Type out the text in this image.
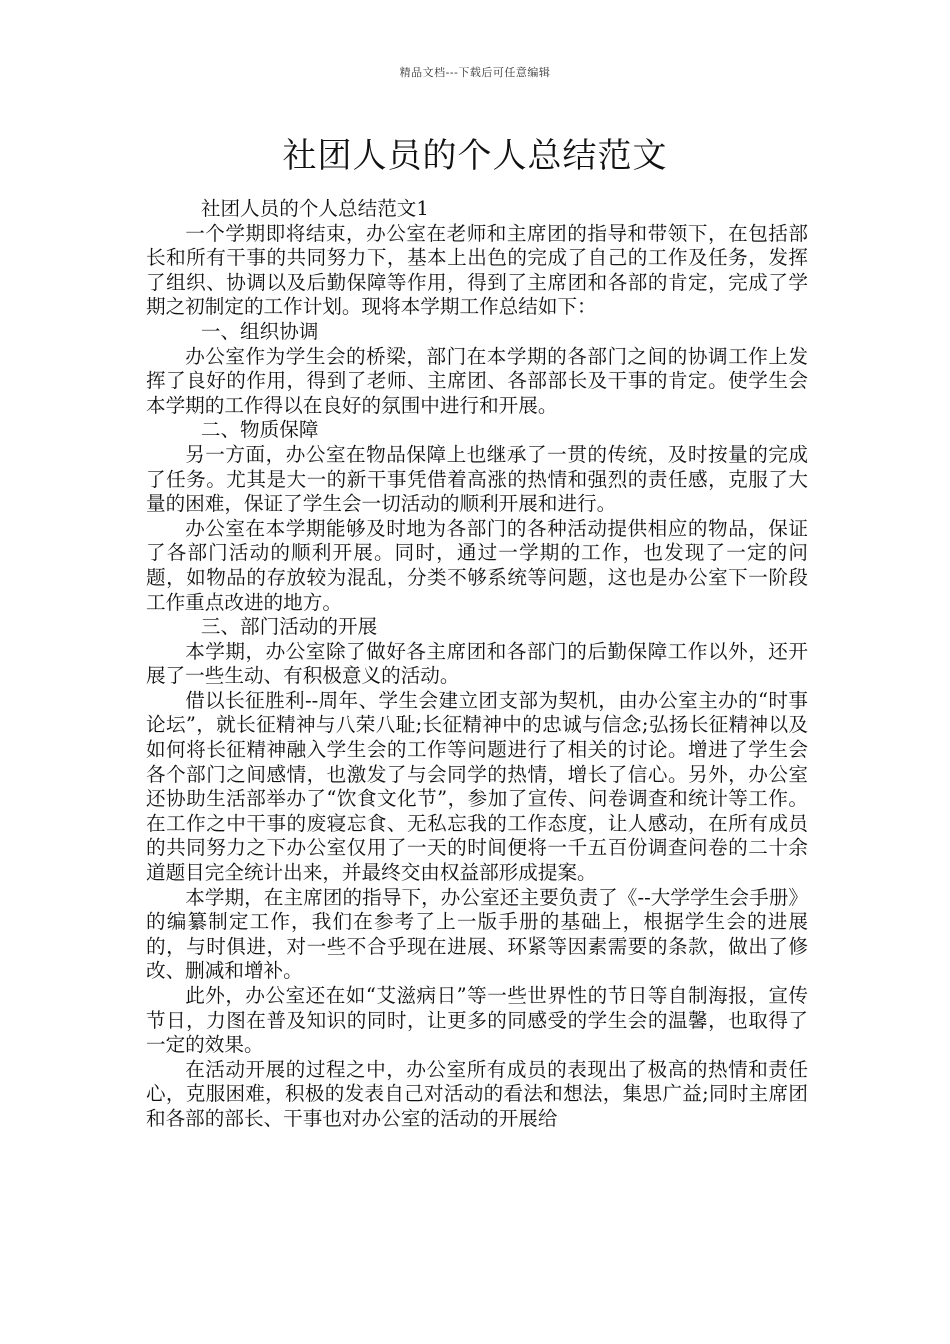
精品文档---下载后可任意编辑
社团人员的个人总结范文

社团人员的个人总结范文1

一个学期即将结束，办公室在老师和主席团的指导和带领下，在包括部长和所有干事的共同努力下，基本上出色的完成了自己的工作及任务，发挥了组织、协调以及后勤保障等作用，得到了主席团和各部的肯定，完成了学期之初制定的工作计划。现将本学期工作总结如下：

一、组织协调

办公室作为学生会的桥梁，部门在本学期的各部门之间的协调工作上发挥了良好的作用，得到了老师、主席团、各部部长及干事的肯定。使学生会本学期的工作得以在良好的氛围中进行和开展。

二、物质保障

另一方面，办公室在物品保障上也继承了一贯的传统，及时按量的完成了任务。尤其是大一的新干事凭借着高涨的热情和强烈的责任感，克服了大量的困难，保证了学生会一切活动的顺利开展和进行。

办公室在本学期能够及时地为各部门的各种活动提供相应的物品，保证了各部门活动的顺利开展。同时，通过一学期的工作，也发现了一定的问题，如物品的存放较为混乱，分类不够系统等问题，这也是办公室下一阶段工作重点改进的地方。

三、部门活动的开展

本学期，办公室除了做好各主席团和各部门的后勤保障工作以外，还开展了一些生动、有积极意义的活动。

借以长征胜利--周年、学生会建立团支部为契机，由办公室主办的“时事论坛”，就长征精神与八荣八耻;长征精神中的忠诚与信念;弘扬长征精神以及如何将长征精神融入学生会的工作等问题进行了相关的讨论。增进了学生会各个部门之间感情，也激发了与会同学的热情，增长了信心。另外，办公室还协助生活部举办了“饮食文化节”，参加了宣传、问卷调查和统计等工作。在工作之中干事的废寝忘食、无私忘我的工作态度，让人感动，在所有成员的共同努力之下办公室仅用了一天的时间便将一千五百份调查问卷的二十余道题目完全统计出来，并最终交由权益部形成提案。

本学期，在主席团的指导下，办公室还主要负责了《--大学学生会手册》的编纂制定工作，我们在参考了上一版手册的基础上，根据学生会的进展的，与时俱进，对一些不合乎现在进展、环紧等因素需要的条款，做出了修改、删减和增补。

此外，办公室还在如“艾滋病日”等一些世界性的节日等自制海报，宣传节日，力图在普及知识的同时，让更多的同感受的学生会的温馨，也取得了一定的效果。

在活动开展的过程之中，办公室所有成员的表现出了极高的热情和责任心，克服困难，积极的发表自己对活动的看法和想法，集思广益;同时主席团和各部的部长、干事也对办公室的活动的开展给
